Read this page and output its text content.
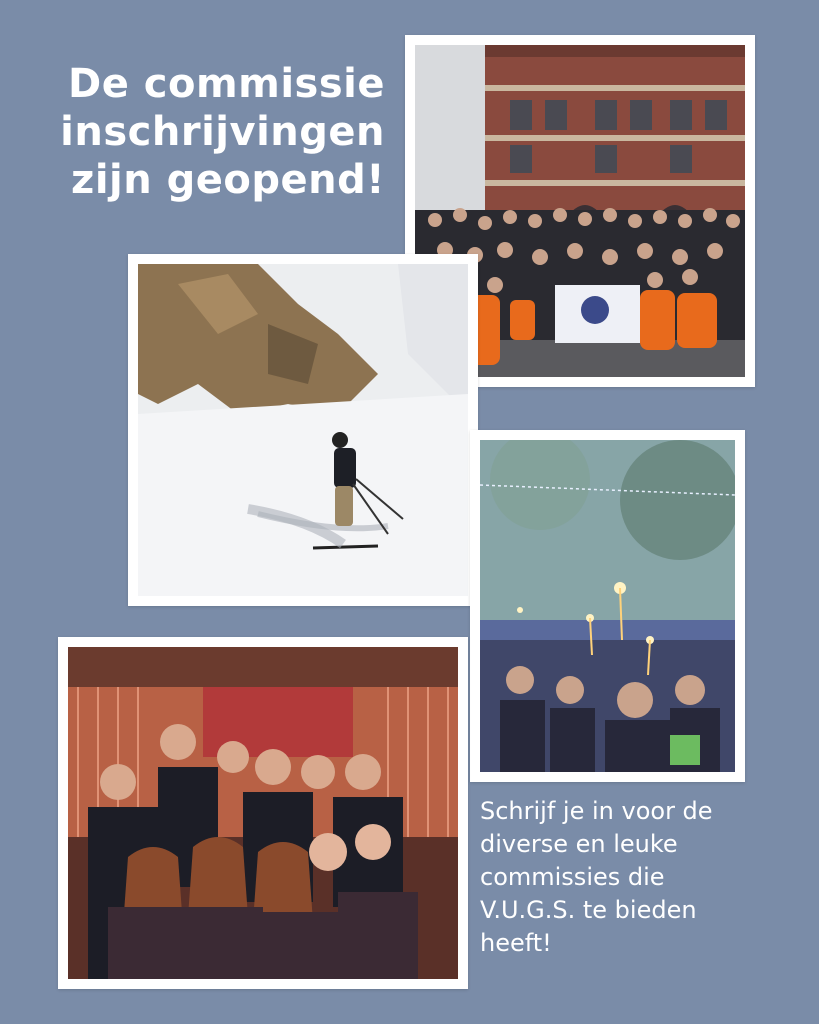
De commissie
inschrijvingen
zijn geopend!
Schrijf je in voor de
diverse en leuke
commissies die
V.U.G.S. te bieden
heeft!
